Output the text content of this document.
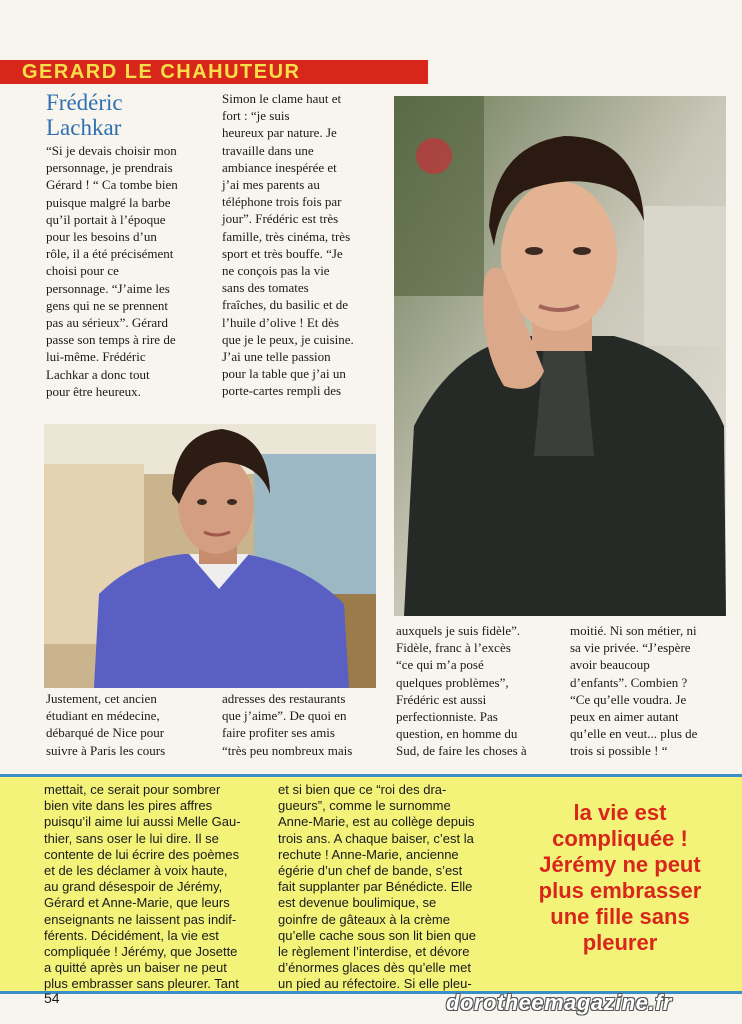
GERARD LE CHAHUTEUR
Frédéric
Lachkar
“Si je devais choisir mon
personnage, je prendrais
Gérard ! “ Ca tombe bien
puisque malgré la barbe
qu’il portait à l’époque
pour les besoins d’un
rôle, il a été précisément
choisi pour ce
personnage. “J’aime les
gens qui ne se prennent
pas au sérieux”. Gérard
passe son temps à rire de
lui-même. Frédéric
Lachkar a donc tout
pour être heureux.
Simon le clame haut et
fort : “je suis
heureux par nature. Je
travaille dans une
ambiance inespérée et
j’ai mes parents au
téléphone trois fois par
jour”. Frédéric est très
famille, très cinéma, très
sport et très bouffe. “Je
ne conçois pas la vie
sans des tomates
fraîches, du basilic et de
l’huile d’olive ! Et dès
que je le peux, je cuisine.
J’ai une telle passion
pour la table que j’ai un
porte-cartes rempli des
Justement, cet ancien
étudiant en médecine,
débarqué de Nice pour
suivre à Paris les cours
adresses des restaurants
que j’aime”. De quoi en
faire profiter ses amis
“très peu nombreux mais
auxquels je suis fidèle”.
Fidèle, franc à l’excès
“ce qui m’a posé
quelques problèmes”,
Frédéric est aussi
perfectionniste. Pas
question, en homme du
Sud, de faire les choses à
moitié. Ni son métier, ni
sa vie privée. “J’espère
avoir beaucoup
d’enfants”. Combien ?
“Ce qu’elle voudra. Je
peux en aimer autant
qu’elle en veut... plus de
trois si possible ! “
mettait, ce serait pour sombrer
bien vite dans les pires affres
puisqu’il aime lui aussi Melle Gau-
thier, sans oser le lui dire. Il se
contente de lui écrire des poèmes
et de les déclamer à voix haute,
au grand désespoir de Jérémy,
Gérard et Anne-Marie, que leurs
enseignants ne laissent pas indif-
férents. Décidément, la vie est
compliquée ! Jérémy, que Josette
a quitté après un baiser ne peut
plus embrasser sans pleurer. Tant
et si bien que ce “roi des dra-
gueurs”, comme le surnomme
Anne-Marie, est au collège depuis
trois ans. A chaque baiser, c’est la
rechute ! Anne-Marie, ancienne
égérie d’un chef de bande, s’est
fait supplanter par Bénédicte. Elle
est devenue boulimique, se
goinfre de gâteaux à la crème
qu’elle cache sous son lit bien que
le règlement l’interdise, et dévore
d’énormes glaces dès qu’elle met
un pied au réfectoire. Si elle pleu-
la vie est
compliquée !
Jérémy ne peut
plus embrasser
une fille sans
pleurer
54	dorotheemagazine.fr
